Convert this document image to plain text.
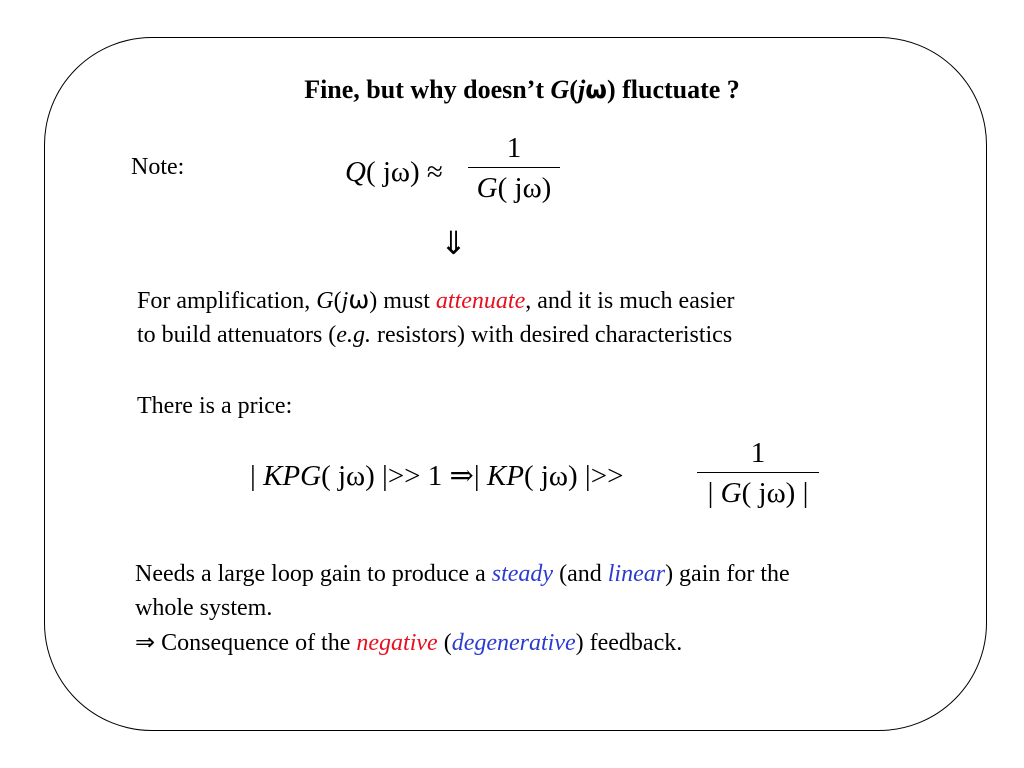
Fine, but why doesn’t G(jω) fluctuate ?
Note:	Q( jω) ≈
1
G( jω)
⇓
For amplification, G(jω) must attenuate, and it is much easier
to build attenuators (e.g. resistors) with desired characteristics
There is a price:
| KPG( jω) |>> 1 ⇒| KP( jω) |>>
1
| G( jω) |
Needs a large loop gain to produce a steady (and linear) gain for the
whole system.
⇒ Consequence of the negative (degenerative) feedback.
